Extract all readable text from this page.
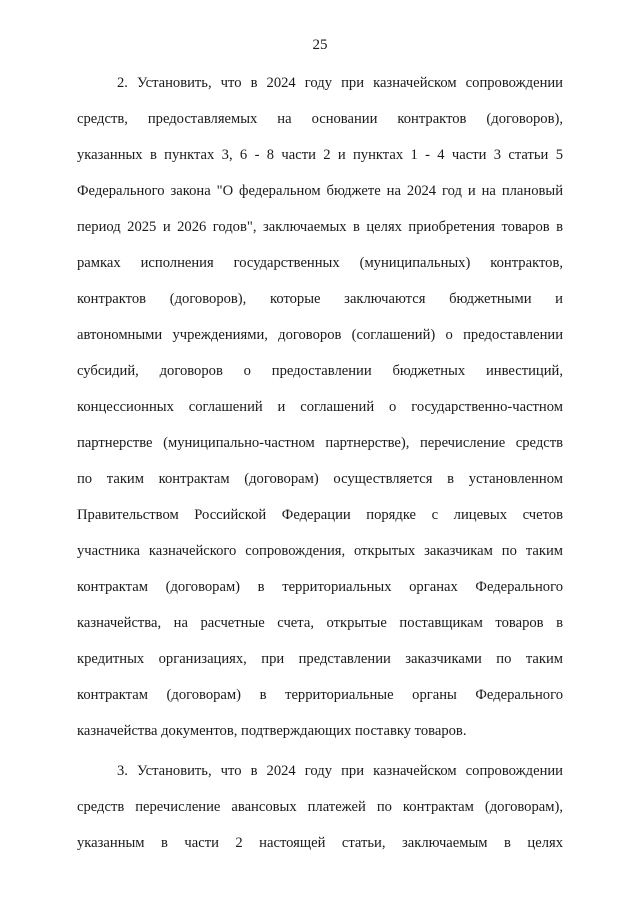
25
2. Установить, что в 2024 году при казначейском сопровождении
средств, предоставляемых на основании контрактов (договоров),
указанных в пунктах 3, 6 - 8 части 2 и пунктах 1 - 4 части 3 статьи 5
Федерального закона "О федеральном бюджете на 2024 год и на плановый
период 2025 и 2026 годов", заключаемых в целях приобретения товаров в
рамках исполнения государственных (муниципальных) контрактов,
контрактов (договоров), которые заключаются бюджетными и
автономными учреждениями, договоров (соглашений) о предоставлении
субсидий, договоров о предоставлении бюджетных инвестиций,
концессионных соглашений и соглашений о государственно-частном
партнерстве (муниципально-частном партнерстве), перечисление средств
по таким контрактам (договорам) осуществляется в установленном
Правительством Российской Федерации порядке с лицевых счетов
участника казначейского сопровождения, открытых заказчикам по таким
контрактам (договорам) в территориальных органах Федерального
казначейства, на расчетные счета, открытые поставщикам товаров в
кредитных организациях, при представлении заказчиками по таким
контрактам (договорам) в территориальные органы Федерального
казначейства документов, подтверждающих поставку товаров.
3. Установить, что в 2024 году при казначейском сопровождении
средств перечисление авансовых платежей по контрактам (договорам),
указанным в части 2 настоящей статьи, заключаемым в целях
